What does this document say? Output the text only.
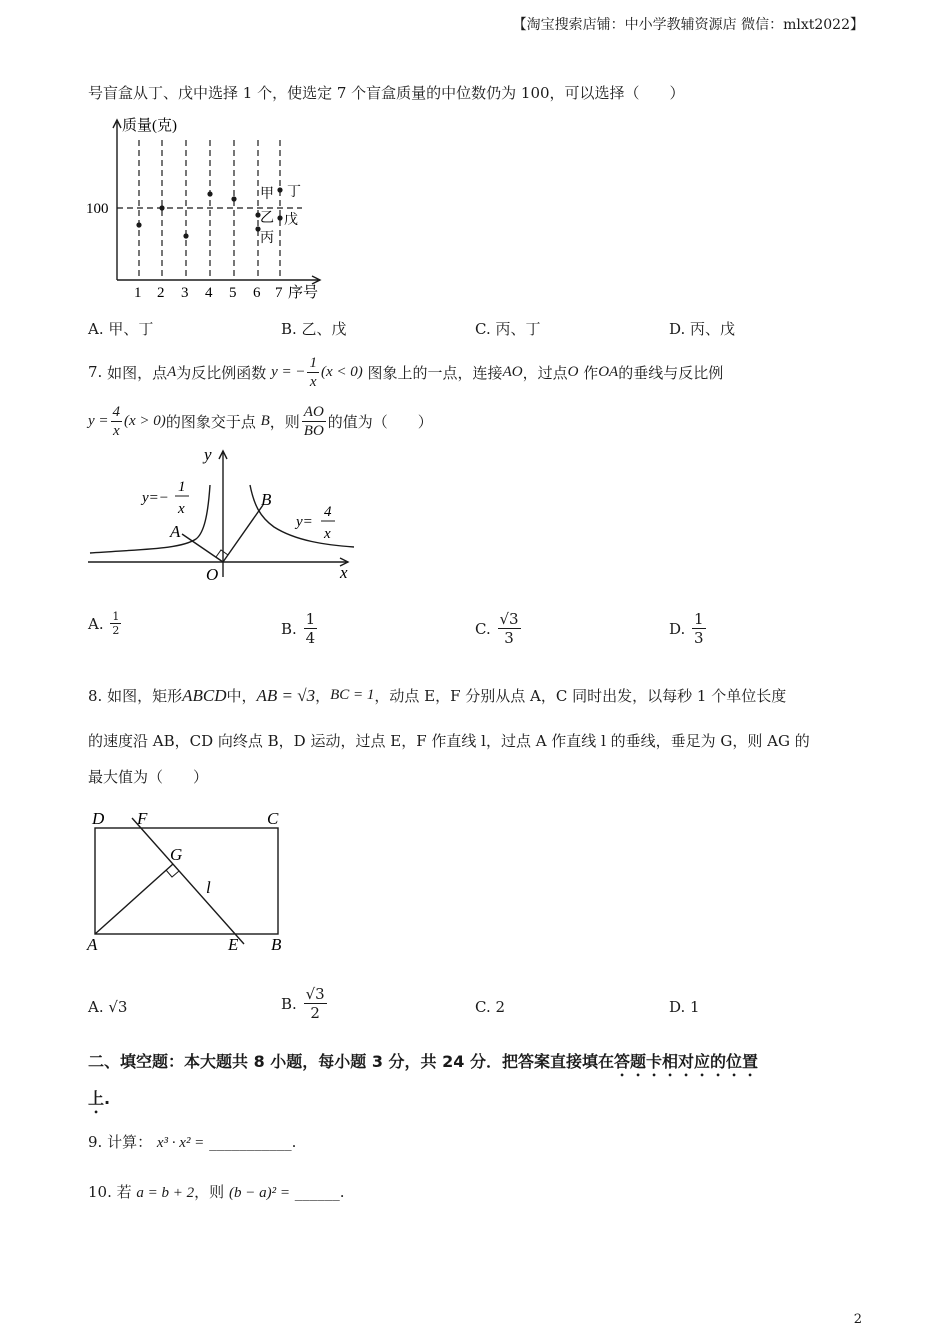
【淘宝搜索店铺：中小学教辅资源店 微信：mlxt2022】
号盲盒从丁、戊中选择 1 个，使选定 7 个盲盒质量的中位数仍为 100，可以选择（　　）
质量(克)
100
1 2 3 4 5 6 7 序号
甲 丁
乙 戊
丙
A. 甲、丁	B. 乙、戊	C. 丙、丁	D. 丙、戊
7.
如图，点 A 为反比例函数
y = − $\frac{1}{x} (x < 0)$
图象上的一点，连接 AO ，过点 O
作 OA 的垂线与反比例
$y = \frac{4}{x} (x > 0)$ 的图象交于点
B ，则
AO
BO 的值为（　　）
y
x
O
A
B
y=−
1
x
y=
4
x
A.
1
2	B.

1
4
C.

√3
3
D.

1
3
8. 如图，矩形 ABCD 中， AB = √3 ， BC = 1 ，动点 E，F 分别从点 A，C 同时出发，以每秒 1 个单位长度
的速度沿 AB，CD 向终点 B，D 运动，过点 E，F 作直线 l，过点 A 作直线 l 的垂线，垂足为 G，则 AG 的
最大值为（　　）
D F	C
G
l
A	E B
A. √3	B.

√3
2	C. 2	D. 1
二、填空题：本大题共 8 小题，每小题 3 分，共 24 分．把答案直接填在答题卡相对应的位置
上.
9. 计算： x³ · x² = ___________.
10. 若 a = b + 2，则 (b − a)² = ______.
2
